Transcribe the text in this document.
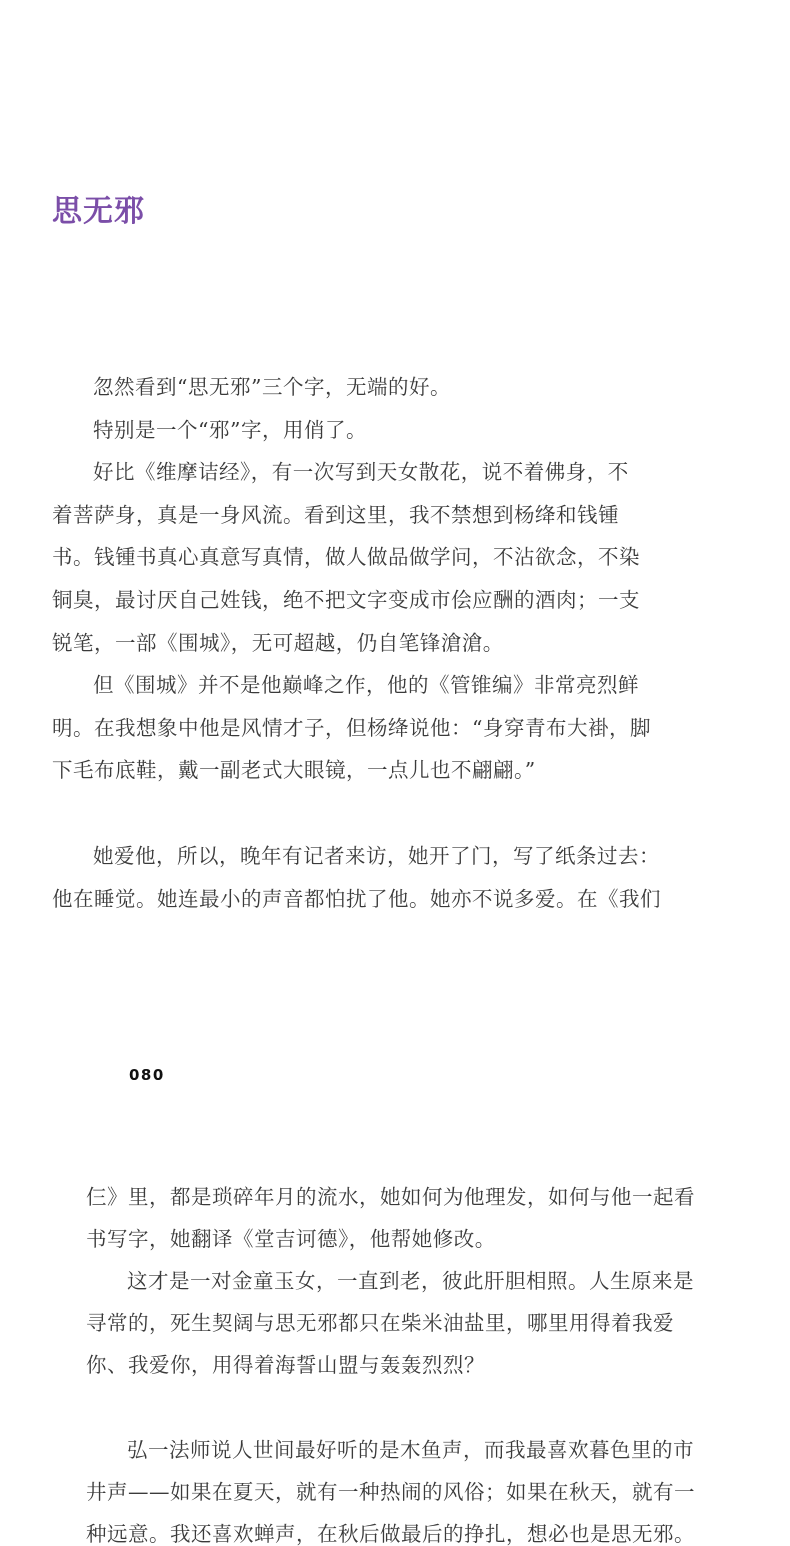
思无邪

忽然看到“思无邪”三个字，无端的好。

特别是一个“邪”字，用俏了。

好比《维摩诘经》，有一次写到天女散花，说不着佛身，不

着菩萨身，真是一身风流。看到这里，我不禁想到杨绛和钱锺

书。钱锺书真心真意写真情，做人做品做学问，不沾欲念，不染

铜臭，最讨厌自己姓钱，绝不把文字变成市侩应酬的酒肉；一支

锐笔，一部《围城》，无可超越，仍自笔锋滄滄。

但《围城》并不是他巅峰之作，他的《管锥编》非常亮烈鲜

明。在我想象中他是风情才子，但杨绛说他：“身穿青布大褂，脚

下毛布底鞋，戴一副老式大眼镜，一点儿也不翩翩。”

她爱他，所以，晚年有记者来访，她开了门，写了纸条过去：

他在睡觉。她连最小的声音都怕扰了他。她亦不说多爱。在《我们

080

仨》里，都是琐碎年月的流水，她如何为他理发，如何与他一起看

书写字，她翻译《堂吉诃德》，他帮她修改。

这才是一对金童玉女，一直到老，彼此肝胆相照。人生原来是

寻常的，死生契阔与思无邪都只在柴米油盐里，哪里用得着我爱

你、我爱你，用得着海誓山盟与轰轰烈烈？

弘一法师说人世间最好听的是木鱼声，而我最喜欢暮色里的市

井声——如果在夏天，就有一种热闹的风俗；如果在秋天，就有一

种远意。我还喜欢蝉声，在秋后做最后的挣扎，想必也是思无邪。
